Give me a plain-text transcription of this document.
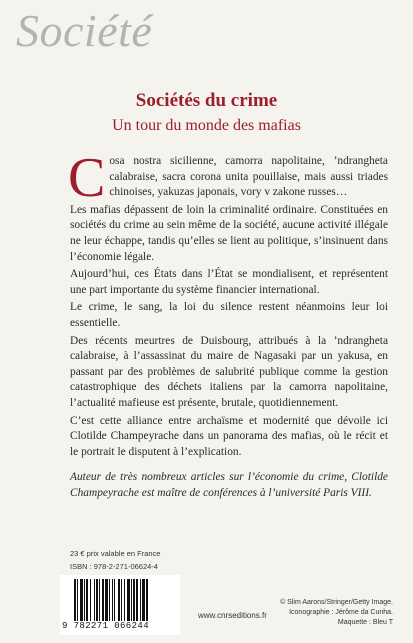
Société
Sociétés du crime
Un tour du monde des mafias

Cosa nostra sicilienne, camorra napolitaine, ’ndrangheta calabraise, sacra corona unita pouillaise, mais aussi triades chinoises, yakuzas japonais, vory v zakone russes…

Les mafias dépassent de loin la criminalité ordinaire. Constituées en sociétés du crime au sein même de la société, aucune activité illégale ne leur échappe, tandis qu’elles se lient au politique, s’insinuent dans l’économie légale.

Aujourd’hui, ces États dans l’État se mondialisent, et représentent une part importante du système financier international.

Le crime, le sang, la loi du silence restent néanmoins leur loi essentielle.

Des récents meurtres de Duisbourg, attribués à la ’ndrangheta calabraise, à l’assassinat du maire de Nagasaki par un yakusa, en passant par des problèmes de salubrité publique comme la gestion catastrophique des déchets italiens par la camorra napolitaine, l’actualité mafieuse est présente, brutale, quotidiennement.

C’est cette alliance entre archaïsme et modernité que dévoile ici Clotilde Champeyrache dans un panorama des mafias, où le récit et le portrait le disputent à l’explication.

Auteur de très nombreux articles sur l’économie du crime, Clotilde Champeyrache est maître de conférences à l’université Paris VIII.

23 € prix valable en France
ISBN : 978-2-271-06624-4
9 782271 066244
www.cnrseditions.fr
© Slim Aarons/Stringer/Getty Image.
Iconographie : Jérôme da Cunha.
Maquette : Bleu T
